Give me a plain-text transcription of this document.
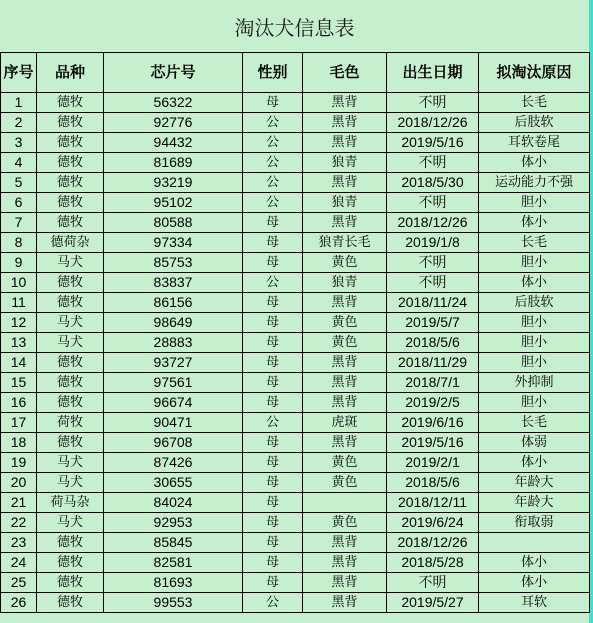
淘汰犬信息表
序号	品种	芯片号	性别	毛色	出生日期	拟淘汰原因
1	德牧	56322	母	黑背	不明	长毛
2	德牧	92776	公	黑背	2018/12/26	后肢软
3	德牧	94432	公	黑背	2019/5/16	耳软卷尾
4	德牧	81689	公	狼青	不明	体小
5	德牧	93219	公	黑背	2018/5/30	运动能力不强
6	德牧	95102	公	狼青	不明	胆小
7	德牧	80588	母	黑背	2018/12/26	体小
8	德荷杂	97334	母	狼青长毛	2019/1/8	长毛
9	马犬	85753	母	黄色	不明	胆小
10	德牧	83837	公	狼青	不明	体小
11	德牧	86156	母	黑背	2018/11/24	后肢软
12	马犬	98649	母	黄色	2019/5/7	胆小
13	马犬	28883	母	黄色	2018/5/6	胆小
14	德牧	93727	母	黑背	2018/11/29	胆小
15	德牧	97561	母	黑背	2018/7/1	外抑制
16	德牧	96674	母	黑背	2019/2/5	胆小
17	荷牧	90471	公	虎斑	2019/6/16	长毛
18	德牧	96708	母	黑背	2019/5/16	体弱
19	马犬	87426	母	黄色	2019/2/1	体小
20	马犬	30655	母	黄色	2018/5/6	年龄大
21	荷马杂	84024	母		2018/12/11	年龄大
22	马犬	92953	母	黄色	2019/6/24	衔取弱
23	德牧	85845	母	黑背	2018/12/26	
24	德牧	82581	母	黑背	2018/5/28	体小
25	德牧	81693	母	黑背	不明	体小
26	德牧	99553	公	黑背	2019/5/27	耳软
